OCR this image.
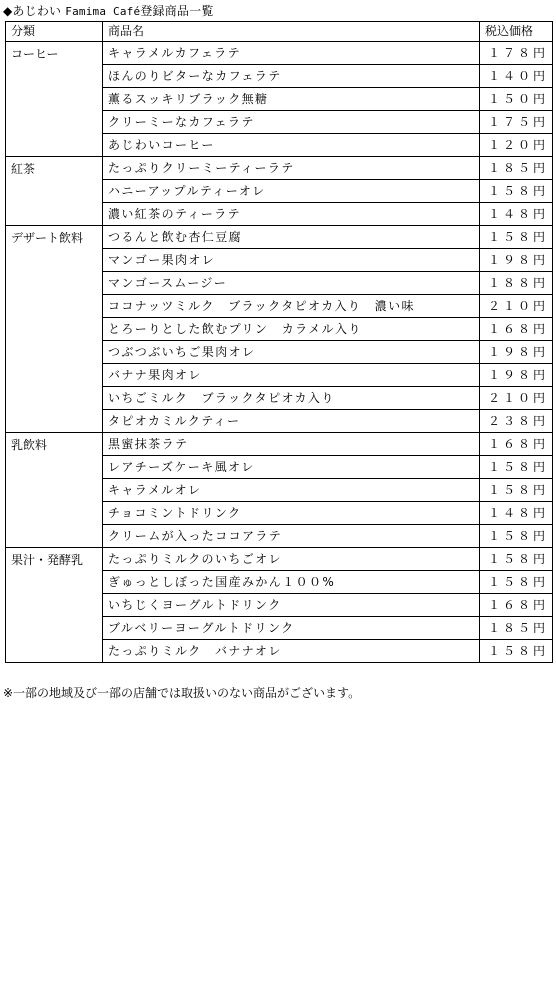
◆あじわい Famima Café登録商品一覧
分類	商品名	税込価格
コーヒー	キャラメルカフェラテ	１７８円
	ほんのりビターなカフェラテ	１４０円
	薫るスッキリブラック無糖	１５０円
	クリーミーなカフェラテ	１７５円
	あじわいコーヒー	１２０円
紅茶	たっぷりクリーミーティーラテ	１８５円
	ハニーアップルティーオレ	１５８円
	濃い紅茶のティーラテ	１４８円
デザート飲料	つるんと飲む杏仁豆腐	１５８円
	マンゴー果肉オレ	１９８円
	マンゴースムージー	１８８円
	ココナッツミルク　ブラックタピオカ入り　濃い味	２１０円
	とろーりとした飲むプリン　カラメル入り	１６８円
	つぶつぶいちご果肉オレ	１９８円
	バナナ果肉オレ	１９８円
	いちごミルク　ブラックタピオカ入り	２１０円
	タピオカミルクティー	２３８円
乳飲料	黒蜜抹茶ラテ	１６８円
	レアチーズケーキ風オレ	１５８円
	キャラメルオレ	１５８円
	チョコミントドリンク	１４８円
	クリームが入ったココアラテ	１５８円
果汁・発酵乳	たっぷりミルクのいちごオレ	１５８円
	ぎゅっとしぼった国産みかん１００%	１５８円
	いちじくヨーグルトドリンク	１６８円
	ブルベリーヨーグルトドリンク	１８５円
	たっぷりミルク　バナナオレ	１５８円
※一部の地域及び一部の店舗では取扱いのない商品がございます。
